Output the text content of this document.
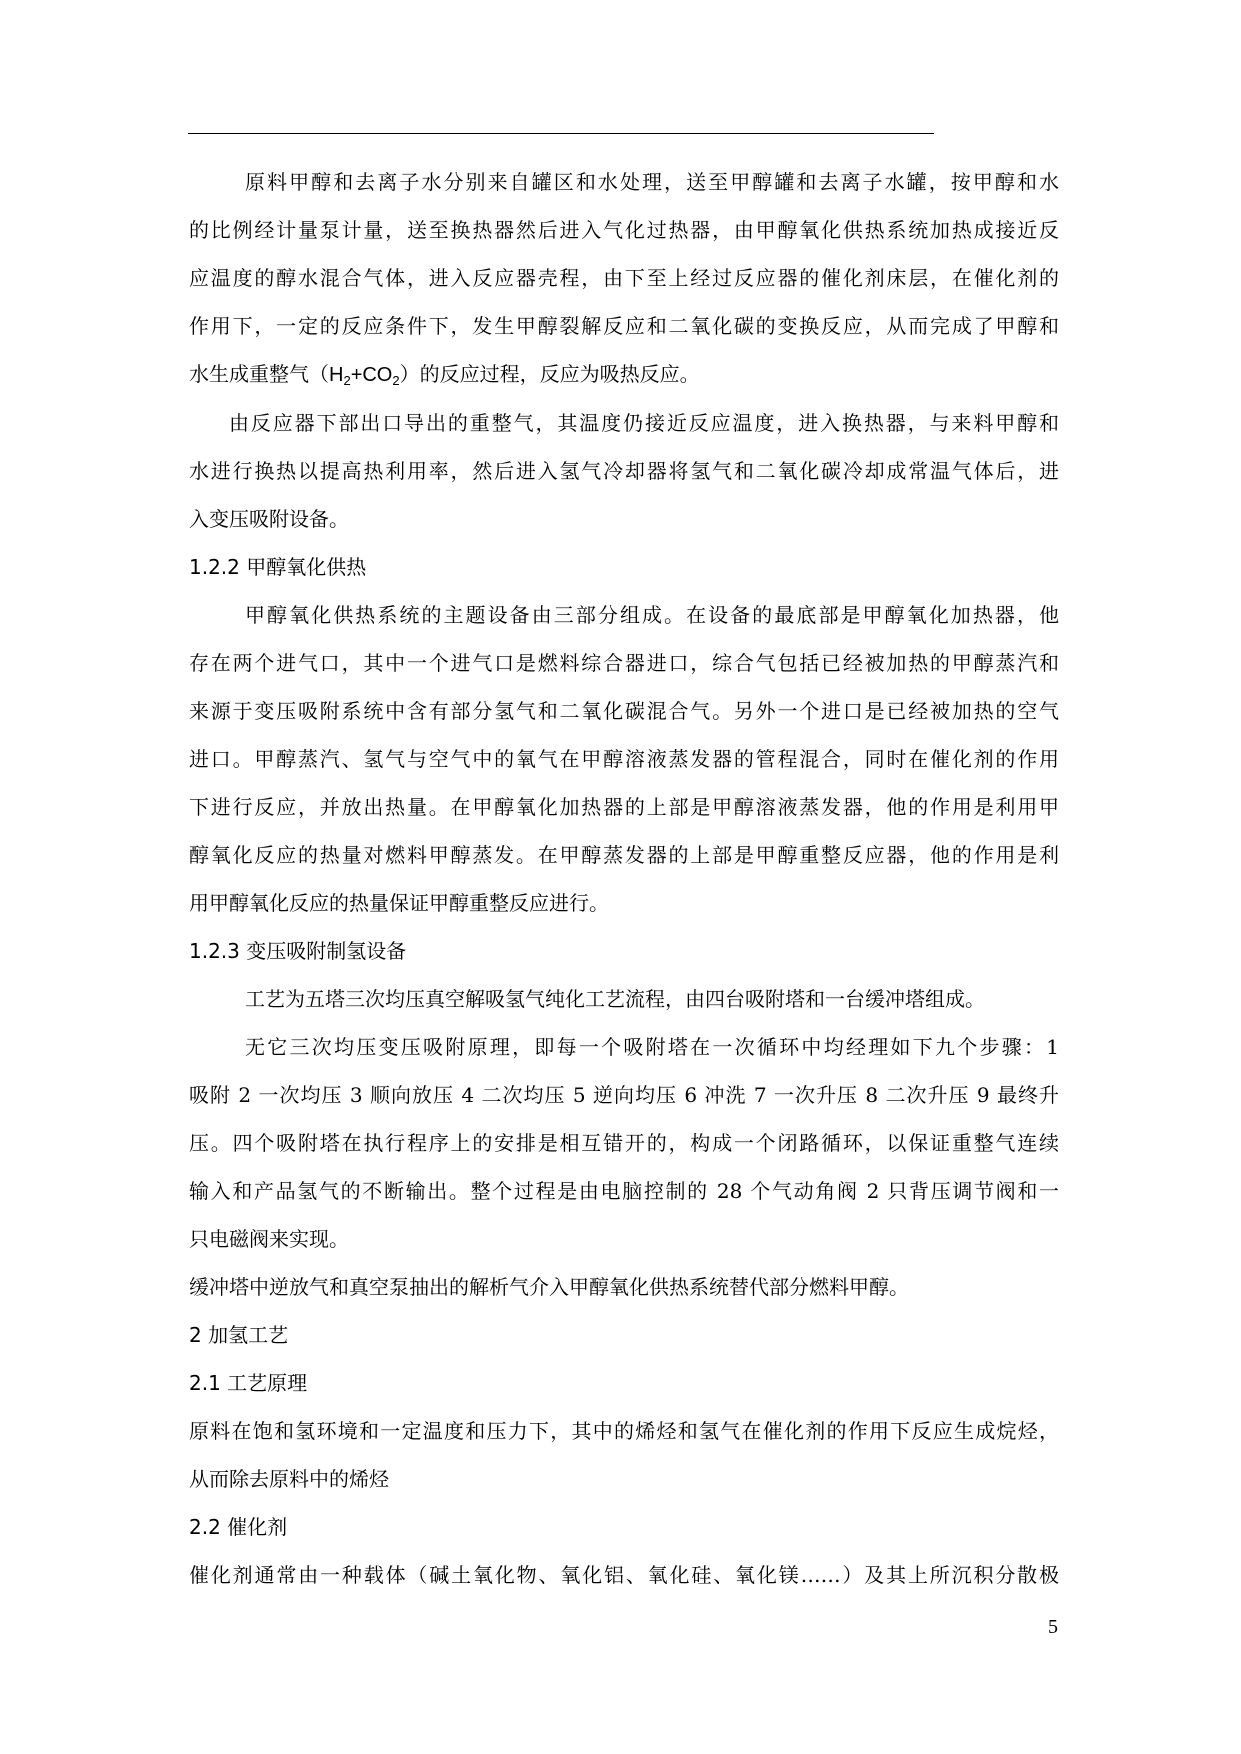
原料甲醇和去离子水分别来自罐区和水处理，送至甲醇罐和去离子水罐，按甲醇和水
的比例经计量泵计量，送至换热器然后进入气化过热器，由甲醇氧化供热系统加热成接近反
应温度的醇水混合气体，进入反应器壳程，由下至上经过反应器的催化剂床层，在催化剂的
作用下，一定的反应条件下，发生甲醇裂解反应和二氧化碳的变换反应，从而完成了甲醇和
水生成重整气$(H_2+CO_2)$的反应过程，反应为吸热反应。
由反应器下部出口导出的重整气，其温度仍接近反应温度，进入换热器，与来料甲醇和
水进行换热以提高热利用率，然后进入氢气冷却器将氢气和二氧化碳冷却成常温气体后，进
入变压吸附设备。
1.2.2 甲醇氧化供热
甲醇氧化供热系统的主题设备由三部分组成。在设备的最底部是甲醇氧化加热器，他
存在两个进气口，其中一个进气口是燃料综合器进口，综合气包括已经被加热的甲醇蒸汽和
来源于变压吸附系统中含有部分氢气和二氧化碳混合气。另外一个进口是已经被加热的空气
进口。甲醇蒸汽、氢气与空气中的氧气在甲醇溶液蒸发器的管程混合，同时在催化剂的作用
下进行反应，并放出热量。在甲醇氧化加热器的上部是甲醇溶液蒸发器，他的作用是利用甲
醇氧化反应的热量对燃料甲醇蒸发。在甲醇蒸发器的上部是甲醇重整反应器，他的作用是利
用甲醇氧化反应的热量保证甲醇重整反应进行。
1.2.3 变压吸附制氢设备
工艺为五塔三次均压真空解吸氢气纯化工艺流程，由四台吸附塔和一台缓冲塔组成。
无它三次均压变压吸附原理，即每一个吸附塔在一次循环中均经理如下九个步骤：1
吸附 2 一次均压 3 顺向放压 4 二次均压 5 逆向均压 6 冲洗 7 一次升压 8 二次升压 9 最终升
压。四个吸附塔在执行程序上的安排是相互错开的，构成一个闭路循环，以保证重整气连续
输入和产品氢气的不断输出。整个过程是由电脑控制的 28 个气动角阀 2 只背压调节阀和一
只电磁阀来实现。
缓冲塔中逆放气和真空泵抽出的解析气介入甲醇氧化供热系统替代部分燃料甲醇。
2 加氢工艺
2.1 工艺原理
原料在饱和氢环境和一定温度和压力下，其中的烯烃和氢气在催化剂的作用下反应生成烷烃，
从而除去原料中的烯烃
2.2 催化剂
催化剂通常由一种载体（碱土氧化物、氧化铝、氧化硅、氧化镁……）及其上所沉积分散极
5
